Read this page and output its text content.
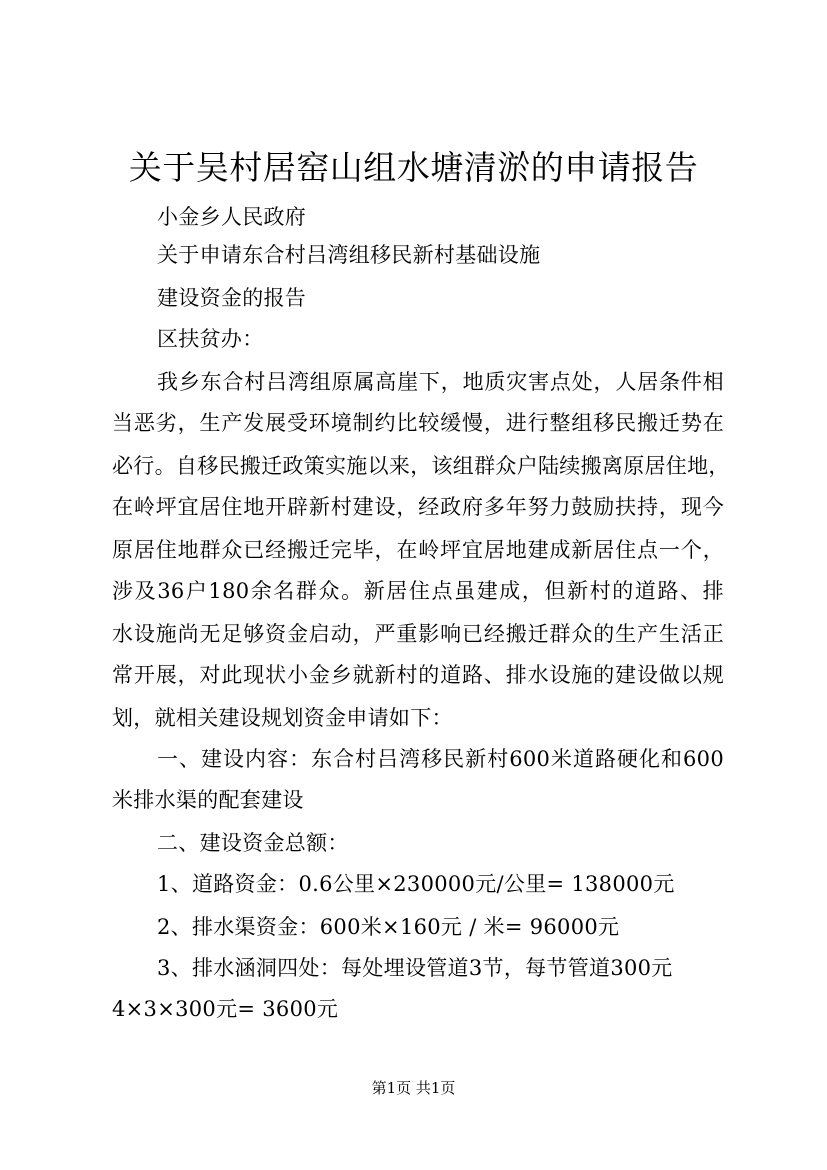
关于吴村居窑山组水塘清淤的申请报告
小金乡人民政府
关于申请东合村吕湾组移民新村基础设施
建设资金的报告
区扶贫办：
我乡东合村吕湾组原属高崖下，地质灾害点处，人居条件相
当恶劣，生产发展受环境制约比较缓慢，进行整组移民搬迁势在
必行。自移民搬迁政策实施以来，该组群众户陆续搬离原居住地，
在岭坪宜居住地开辟新村建设，经政府多年努力鼓励扶持，现今
原居住地群众已经搬迁完毕，在岭坪宜居地建成新居住点一个，
涉及36户180余名群众。新居住点虽建成，但新村的道路、排
水设施尚无足够资金启动，严重影响已经搬迁群众的生产生活正
常开展，对此现状小金乡就新村的道路、排水设施的建设做以规
划，就相关建设规划资金申请如下：
一、建设内容：东合村吕湾移民新村600米道路硬化和600
米排水渠的配套建设
二、建设资金总额：
1、道路资金：0.6公里×230000元/公里= 138000元
2、排水渠资金：600米×160元 / 米= 96000元
3、排水涵洞四处：每处埋设管道3节，每节管道300元
4×3×300元= 3600元
第1页 共1页
